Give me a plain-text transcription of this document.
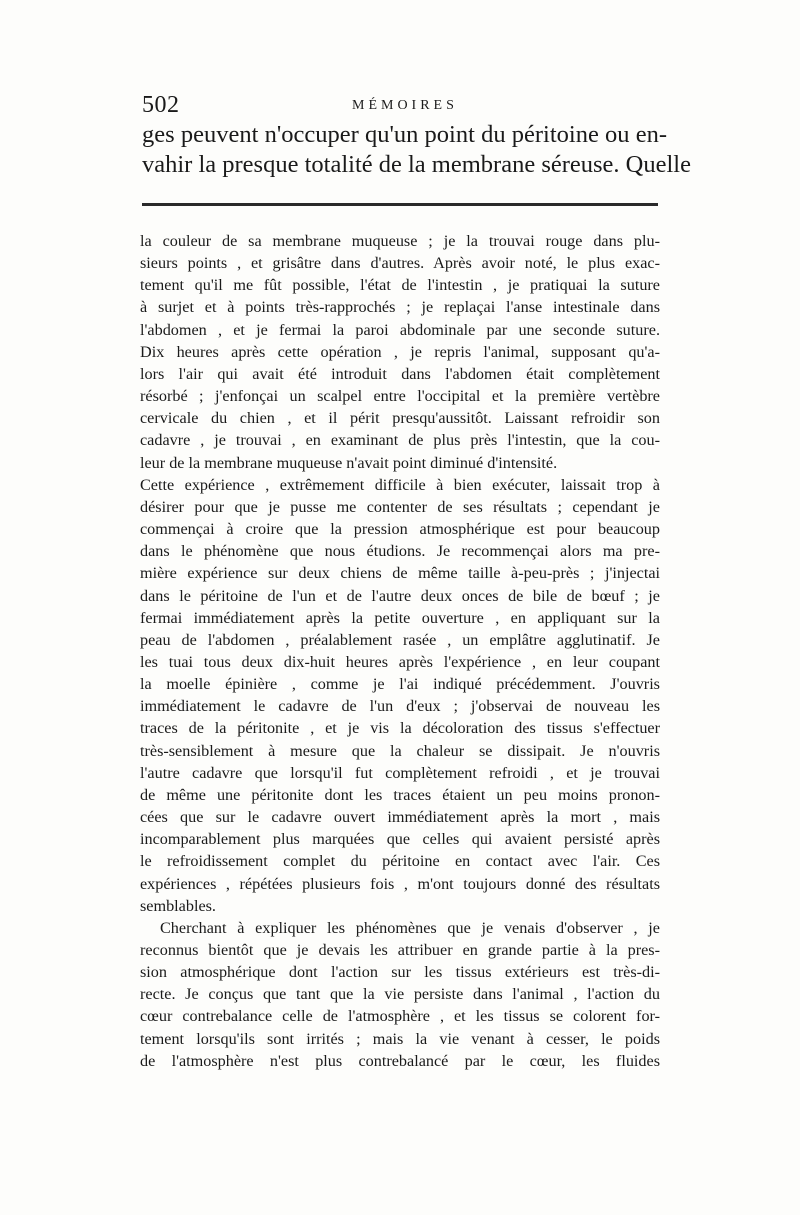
502	MÉMOIRES
ges peuvent n'occuper qu'un point du péritoine ou en-
vahir la presque totalité de la membrane séreuse. Quelle
la couleur de sa membrane muqueuse ; je la trouvai rouge dans plu-
sieurs points , et grisâtre dans d'autres. Après avoir noté, le plus exac-
tement qu'il me fût possible, l'état de l'intestin , je pratiquai la suture
à surjet et à points très-rapprochés ; je replaçai l'anse intestinale dans
l'abdomen , et je fermai la paroi abdominale par une seconde suture.
Dix heures après cette opération , je repris l'animal, supposant qu'a-
lors l'air qui avait été introduit dans l'abdomen était complètement
résorbé ; j'enfonçai un scalpel entre l'occipital et la première vertèbre
cervicale du chien , et il périt presqu'aussitôt. Laissant refroidir son
cadavre , je trouvai , en examinant de plus près l'intestin, que la cou-
leur de la membrane muqueuse n'avait point diminué d'intensité.
Cette expérience , extrêmement difficile à bien exécuter, laissait trop à
désirer pour que je pusse me contenter de ses résultats ; cependant je
commençai à croire que la pression atmosphérique est pour beaucoup
dans le phénomène que nous étudions. Je recommençai alors ma pre-
mière expérience sur deux chiens de même taille à-peu-près ; j'injectai
dans le péritoine de l'un et de l'autre deux onces de bile de bœuf ; je
fermai immédiatement après la petite ouverture , en appliquant sur la
peau de l'abdomen , préalablement rasée , un emplâtre agglutinatif. Je
les tuai tous deux dix-huit heures après l'expérience , en leur coupant
la moelle épinière , comme je l'ai indiqué précédemment. J'ouvris
immédiatement le cadavre de l'un d'eux ; j'observai de nouveau les
traces de la péritonite , et je vis la décoloration des tissus s'effectuer
très-sensiblement à mesure que la chaleur se dissipait. Je n'ouvris
l'autre cadavre que lorsqu'il fut complètement refroidi , et je trouvai
de même une péritonite dont les traces étaient un peu moins pronon-
cées que sur le cadavre ouvert immédiatement après la mort , mais
incomparablement plus marquées que celles qui avaient persisté après
le refroidissement complet du péritoine en contact avec l'air. Ces
expériences , répétées plusieurs fois , m'ont toujours donné des résultats
semblables.
Cherchant à expliquer les phénomènes que je venais d'observer , je
reconnus bientôt que je devais les attribuer en grande partie à la pres-
sion atmosphérique dont l'action sur les tissus extérieurs est très-di-
recte. Je conçus que tant que la vie persiste dans l'animal , l'action du
cœur contrebalance celle de l'atmosphère , et les tissus se colorent for-
tement lorsqu'ils sont irrités ; mais la vie venant à cesser, le poids
de l'atmosphère n'est plus contrebalancé par le cœur, les fluides
